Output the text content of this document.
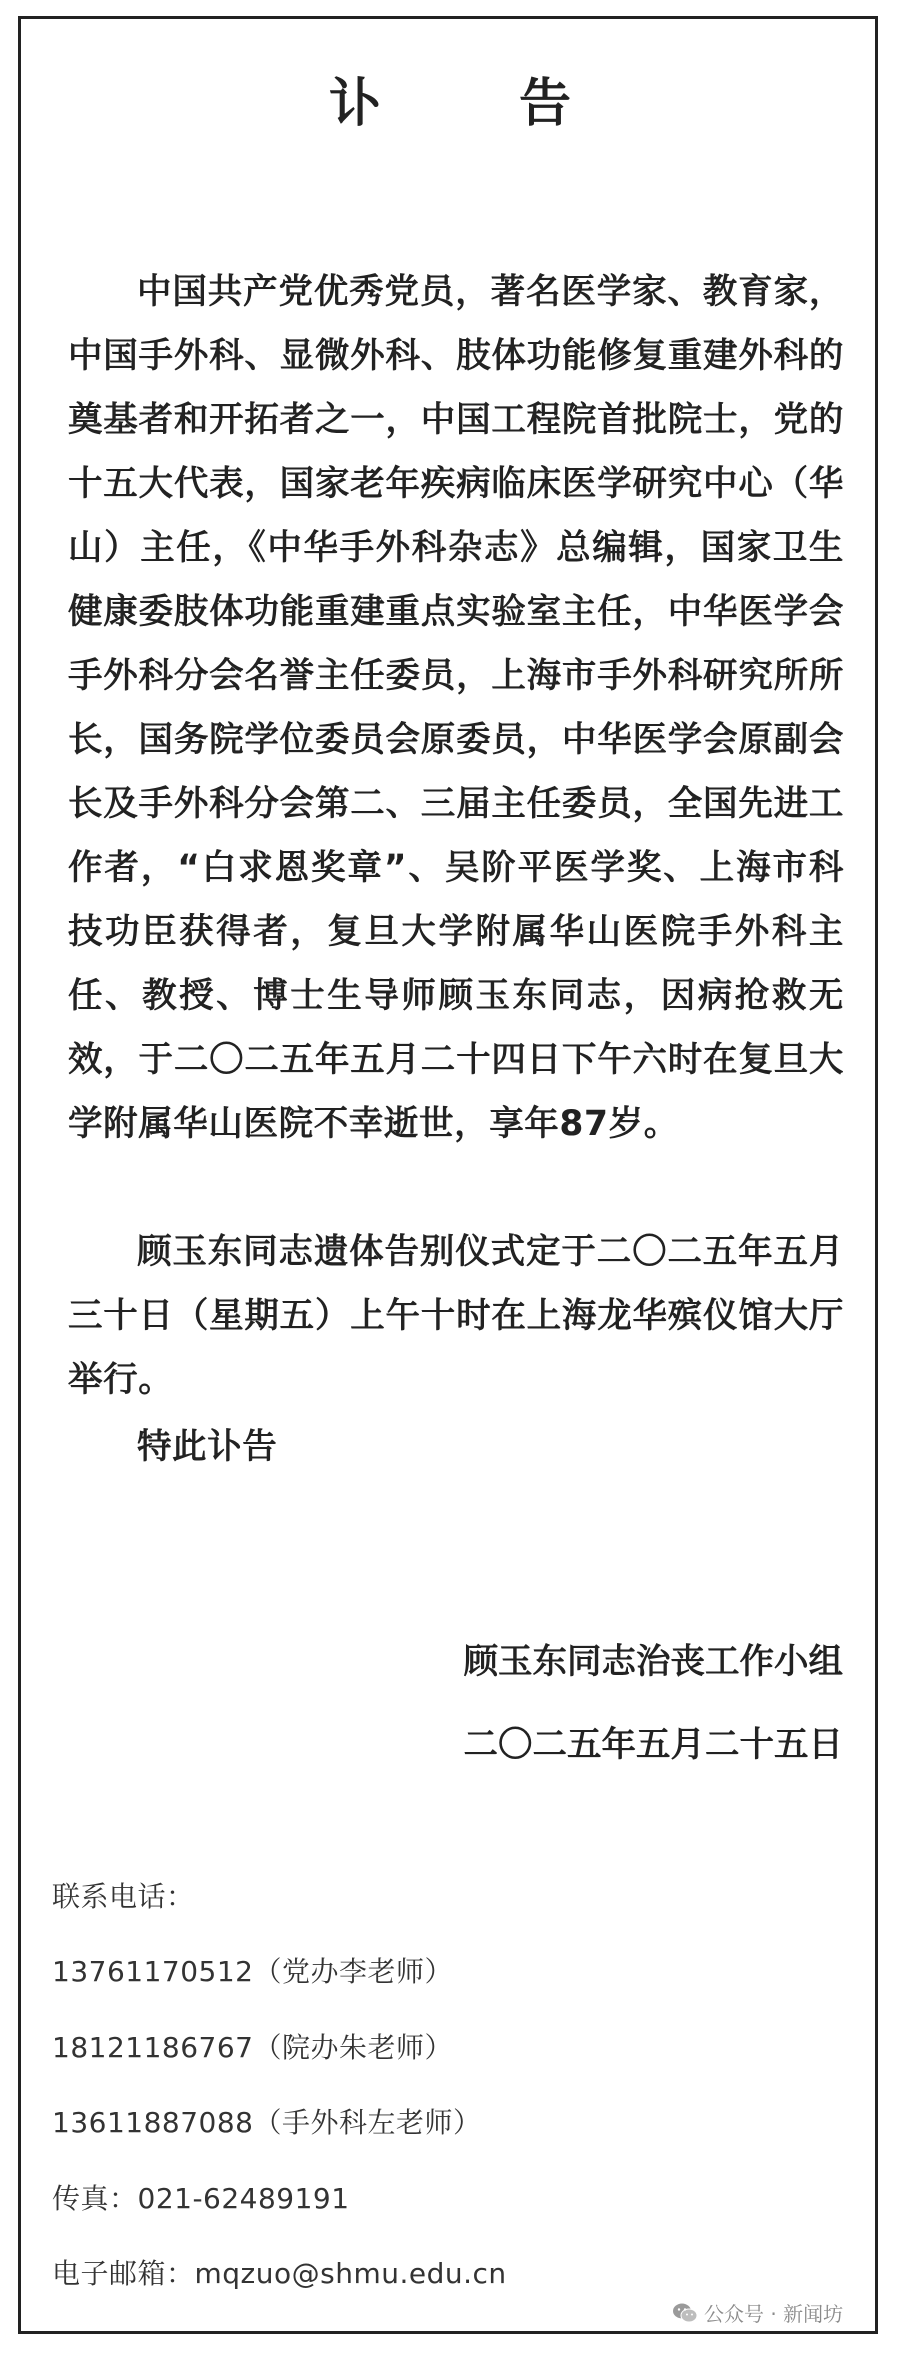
讣 告

中国共产党优秀党员，著名医学家、教育家，中国手外科、显微外科、肢体功能修复重建外科的奠基者和开拓者之一，中国工程院首批院士，党的十五大代表，国家老年疾病临床医学研究中心（华山）主任，《中华手外科杂志》总编辑，国家卫生健康委肢体功能重建重点实验室主任，中华医学会手外科分会名誉主任委员，上海市手外科研究所所长，国务院学位委员会原委员，中华医学会原副会长及手外科分会第二、三届主任委员，全国先进工作者，“白求恩奖章”、吴阶平医学奖、上海市科技功臣获得者，复旦大学附属华山医院手外科主任、教授、博士生导师顾玉东同志，因病抢救无效，于二〇二五年五月二十四日下午六时在复旦大学附属华山医院不幸逝世，享年87岁。

顾玉东同志遗体告别仪式定于二〇二五年五月三十日（星期五）上午十时在上海龙华殡仪馆大厅举行。

特此讣告

顾玉东同志治丧工作小组
二〇二五年五月二十五日
联系电话：
13761170512（党办李老师）
18121186767（院办朱老师）
13611887088（手外科左老师）
传真：021-62489191
电子邮箱：mqzuo@shmu.edu.cn
公众号 · 新闻坊
